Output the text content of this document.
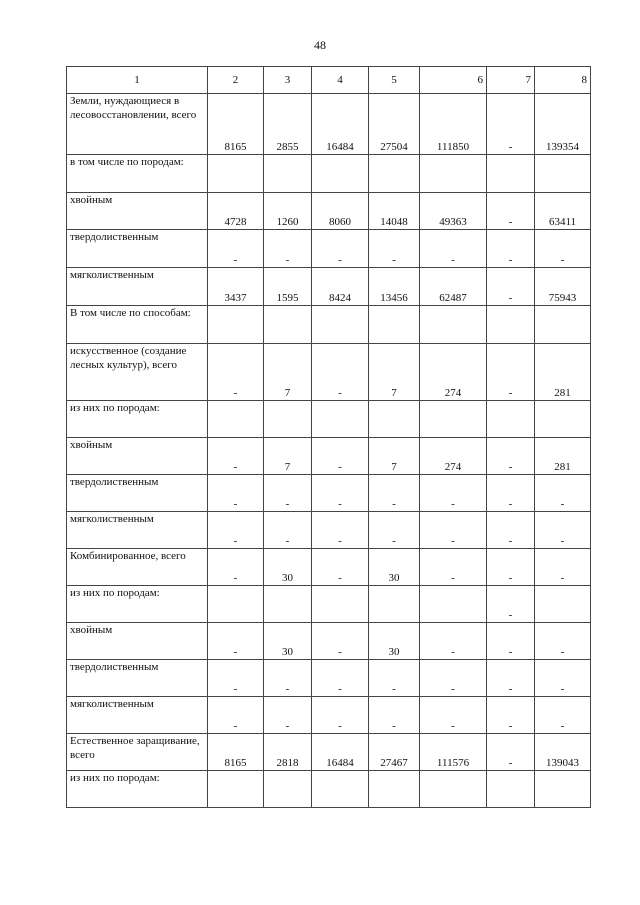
48
1	2	3	4	5	6	7	8
Земли, нуждающиеся в лесовосстановлении, всего	8165	2855	16484	27504	111850	-	139354
в том числе по породам:							
хвойным	4728	1260	8060	14048	49363	-	63411
твердолиственным	-	-	-	-	-	-	-
мягколиственным	3437	1595	8424	13456	62487	-	75943
В том числе по способам:							
искусственное (создание лесных культур), всего	-	7	-	7	274	-	281
из них по породам:							
хвойным	-	7	-	7	274	-	281
твердолиственным	-	-	-	-	-	-	-
мягколиственным	-	-	-	-	-	-	-
Комбинированное, всего	-	30	-	30	-	-	-
из них по породам:						-	
хвойным	-	30	-	30	-	-	-
твердолиственным	-	-	-	-	-	-	-
мягколиственным	-	-	-	-	-	-	-
Естественное заращивание, всего	8165	2818	16484	27467	111576	-	139043
из них по породам:							
